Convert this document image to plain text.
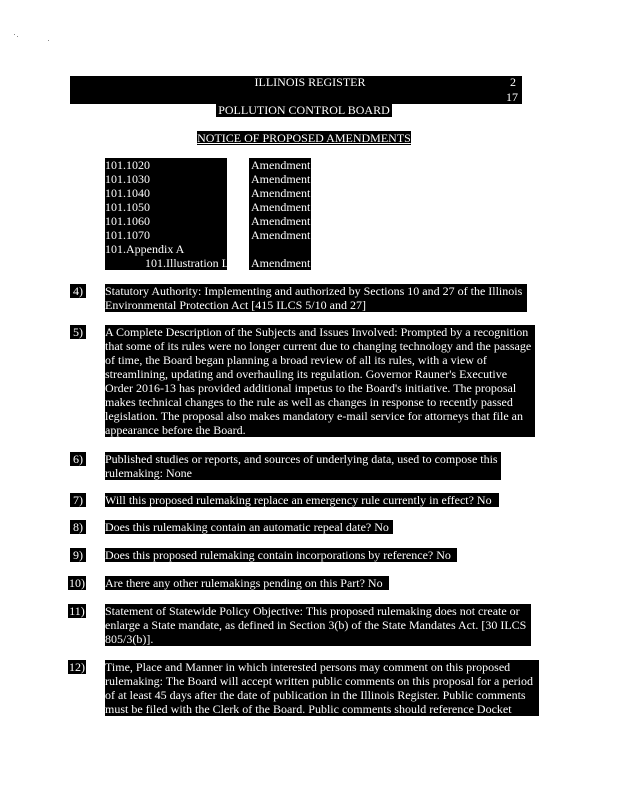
ILLINOIS REGISTER	2
17
POLLUTION CONTROL BOARD
NOTICE OF PROPOSED AMENDMENTS
101.1020
101.1030
101.1040
101.1050
101.1060
101.1070
101.Appendix A
101.Illustration L
Amendment
Amendment
Amendment
Amendment
Amendment
Amendment
Amendment
4) Statutory Authority: Implementing and authorized by Sections 10 and 27 of the Illinois
Environmental Protection Act [415 ILCS 5/10 and 27]
5) A Complete Description of the Subjects and Issues Involved: Prompted by a recognition
that some of its rules were no longer current due to changing technology and the passage
of time, the Board began planning a broad review of all its rules, with a view of
streamlining, updating and overhauling its regulation. Governor Rauner's Executive
Order 2016-13 has provided additional impetus to the Board's initiative. The proposal
makes technical changes to the rule as well as changes in response to recently passed
legislation. The proposal also makes mandatory e-mail service for attorneys that file an
appearance before the Board.
6) Published studies or reports, and sources of underlying data, used to compose this
rulemaking: None
7) Will this proposed rulemaking replace an emergency rule currently in effect? No
8) Does this rulemaking contain an automatic repeal date? No
9) Does this proposed rulemaking contain incorporations by reference? No
10) Are there any other rulemakings pending on this Part? No
11) Statement of Statewide Policy Objective: This proposed rulemaking does not create or
enlarge a State mandate, as defined in Section 3(b) of the State Mandates Act. [30 ILCS
805/3(b)].
12) Time, Place and Manner in which interested persons may comment on this proposed
rulemaking: The Board will accept written public comments on this proposal for a period
of at least 45 days after the date of publication in the Illinois Register. Public comments
must be filed with the Clerk of the Board. Public comments should reference Docket
